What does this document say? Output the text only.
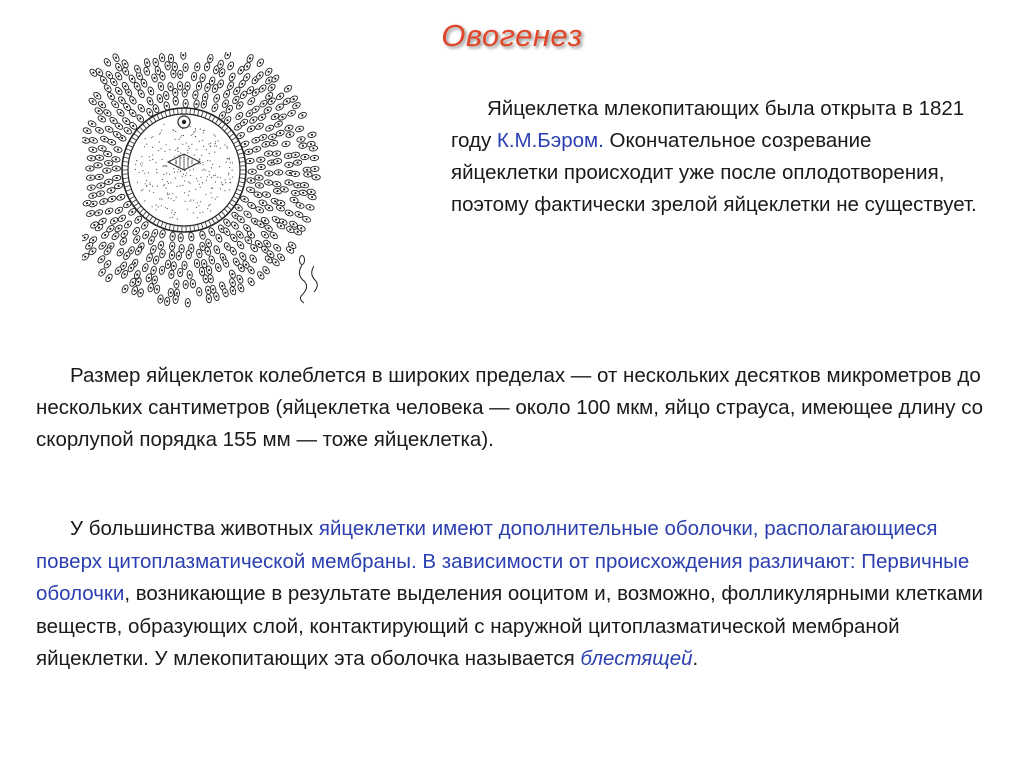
Овогенез
Яйцеклетка млекопитающих была открыта в 1821 году К.М.Бэром. Окончательное созревание яйцеклетки происходит уже после оплодотворения, поэтому фактически зрелой яйцеклетки не существует.
Размер яйцеклеток колеблется в широких пределах — от нескольких десятков микрометров до нескольких сантиметров (яйцеклетка человека — около 100 мкм, яйцо страуса, имеющее длину со скорлупой порядка 155 мм — тоже яйцеклетка).
У большинства животных яйцеклетки имеют дополнительные оболочки, располагающиеся поверх цитоплазматической мембраны. В зависимости от происхождения различают: Первичные оболочки, возникающие в результате выделения ооцитом и, возможно, фолликулярными клетками веществ, образующих слой, контактирующий с наружной цитоплазматической мембраной яйцеклетки. У млекопитающих эта оболочка называется блестящей.
